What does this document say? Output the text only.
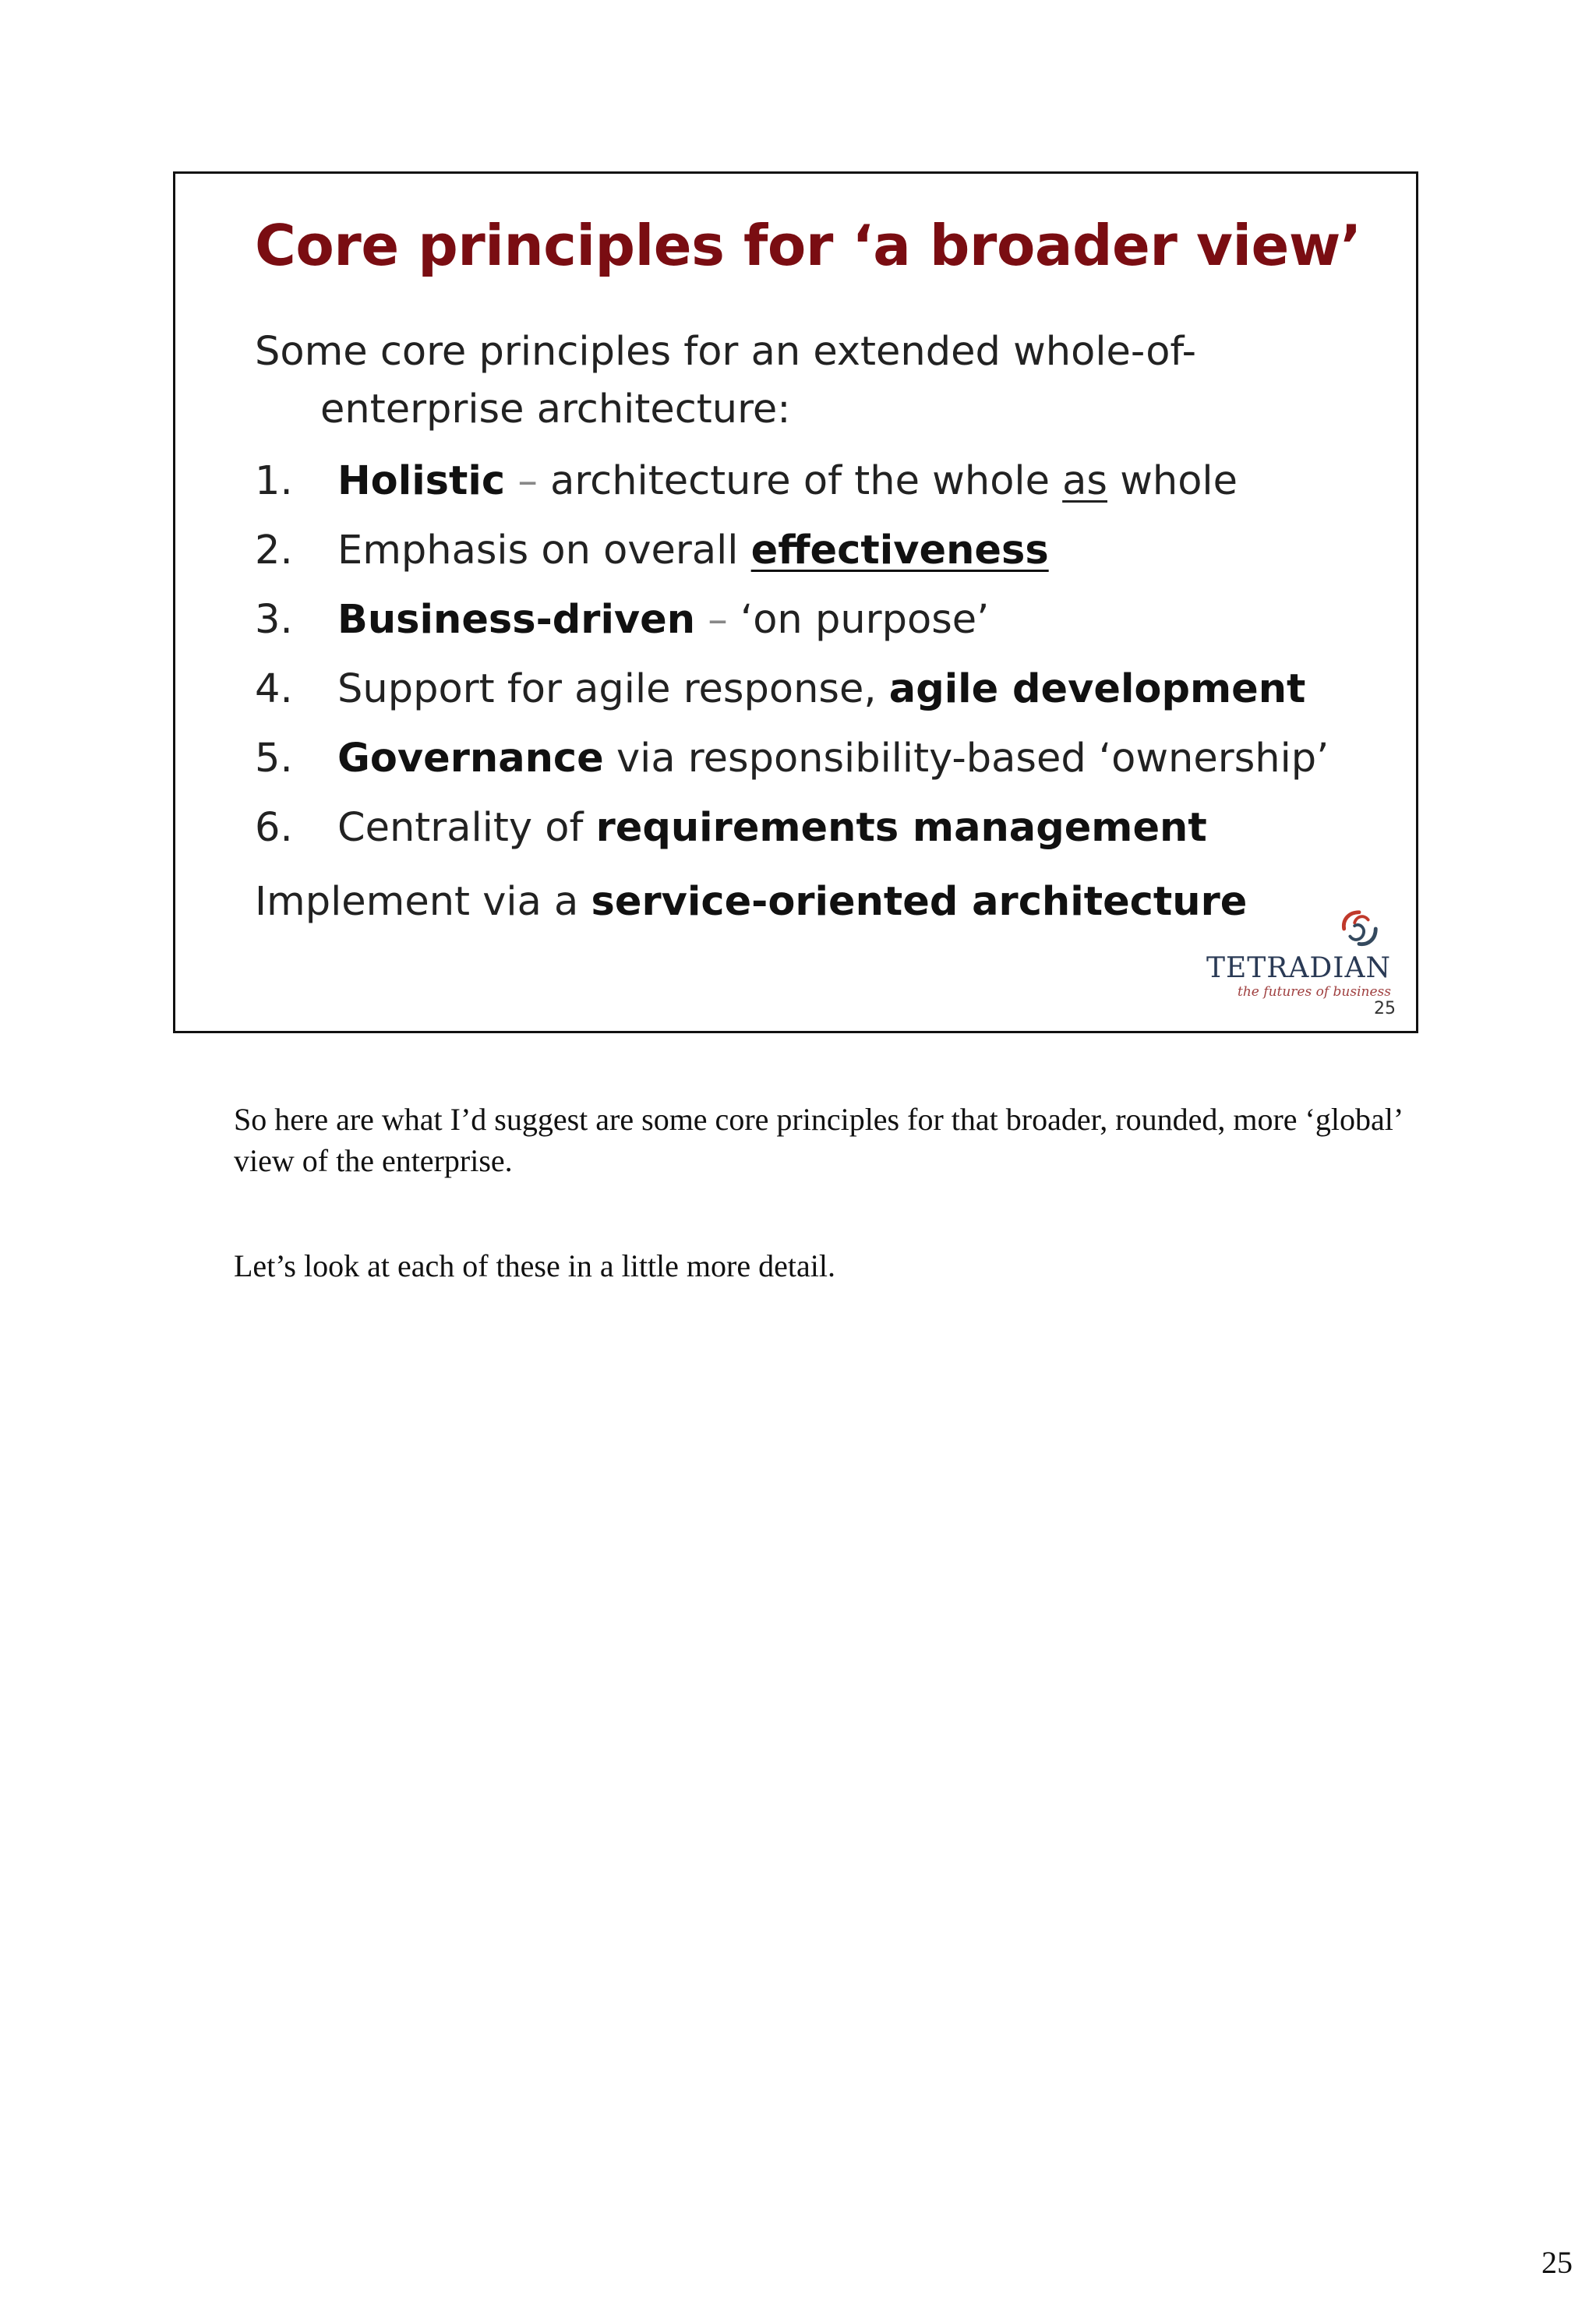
Core principles for ‘a broader view’

Some core principles for an extended whole-of-
enterprise architecture:

1.	Holistic – architecture of the whole as whole
2.	Emphasis on overall effectiveness
3.	Business-driven – ‘on purpose’
4.	Support for agile response, agile development
5.	Governance via responsibility-based ‘ownership’
6.	Centrality of requirements management

Implement via a service-oriented architecture

TETRADIAN
the futures of business
25

So here are what I’d suggest are some core principles for that broader, rounded, more ‘global’ view of the enterprise.

Let’s look at each of these in a little more detail.

25
